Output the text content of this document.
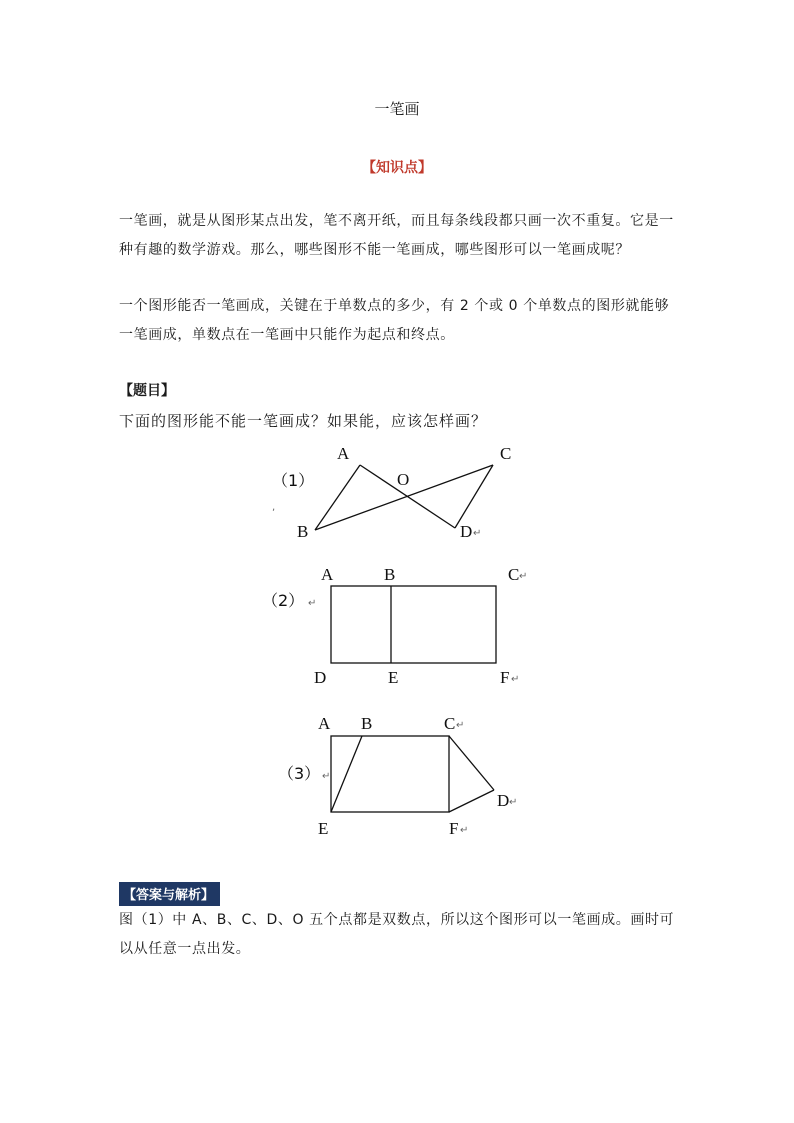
一笔画
【知识点】
一笔画，就是从图形某点出发，笔不离开纸，而且每条线段都只画一次不重复。它是一种有趣的数学游戏。那么，哪些图形不能一笔画成，哪些图形可以一笔画成呢？
一个图形能否一笔画成，关键在于单数点的多少，有 2 个或 0 个单数点的图形就能够一笔画成，单数点在一笔画中只能作为起点和终点。
【题目】
下面的图形能不能一笔画成？如果能，应该怎样画？
（1）
,
A	C
O
B	D ↵
（2） ↵
A	B	C ↵
D	E	F ↵
（3） ↵
A B	C ↵
D ↵
E	F ↵
【答案与解析】
图（1）中 A、B、C、D、O 五个点都是双数点，所以这个图形可以一笔画成。画时可以从任意一点出发。
